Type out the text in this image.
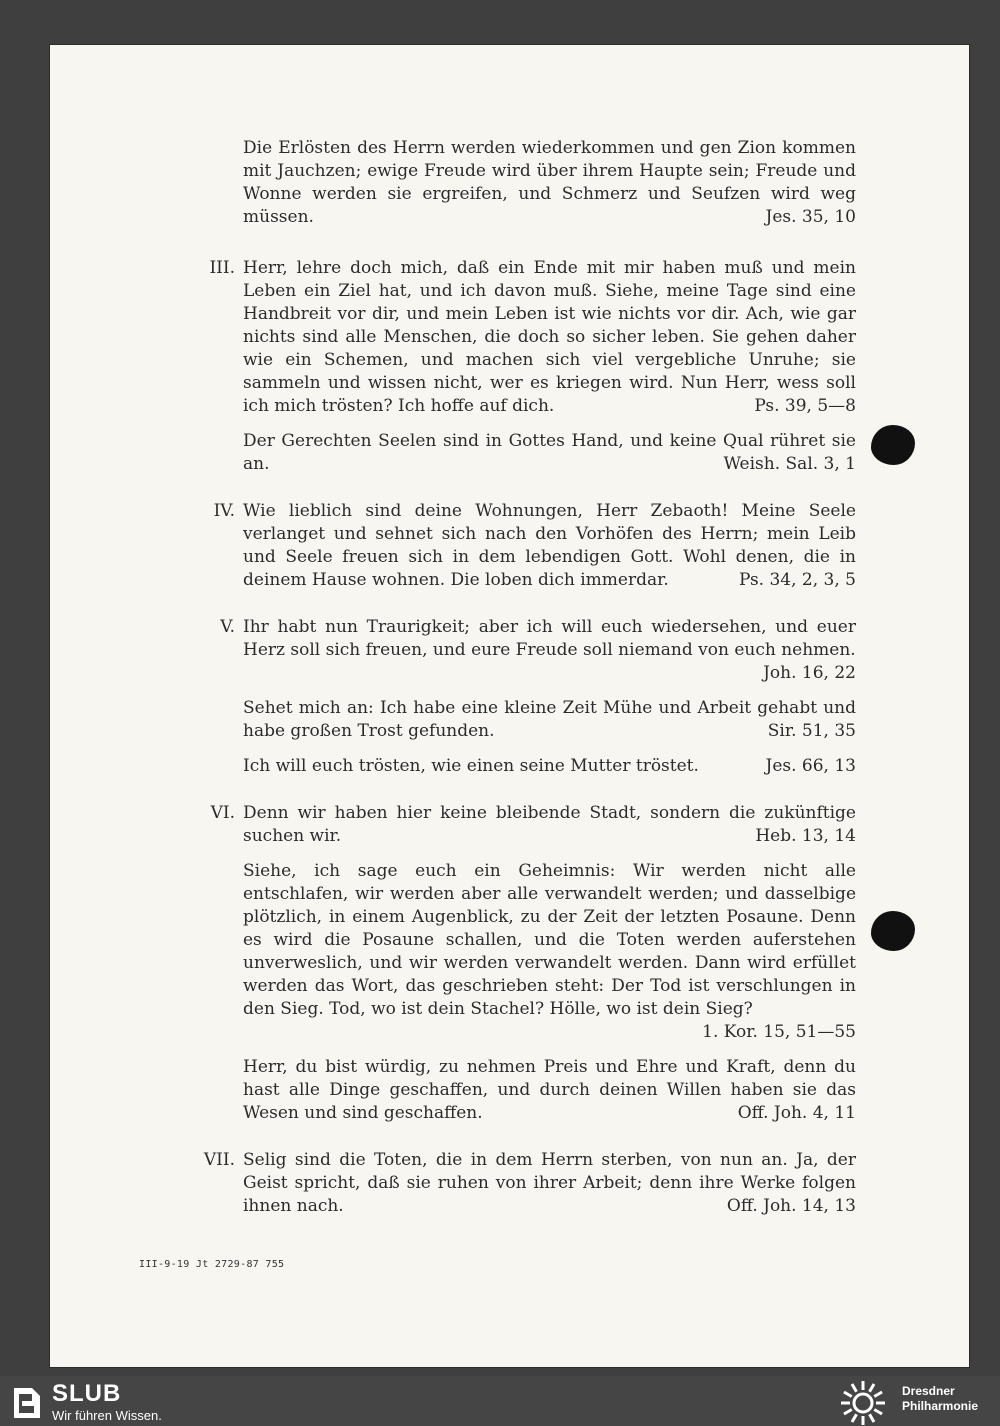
Die Erlösten des Herrn werden wiederkommen und gen Zion kommen mit Jauchzen; ewige Freude wird über ihrem Haupte sein; Freude und Wonne werden sie ergreifen, und Schmerz und Seufzen wird weg müssen.	Jes. 35, 10
III. Herr, lehre doch mich, daß ein Ende mit mir haben muß und mein Leben ein Ziel hat, und ich davon muß. Siehe, meine Tage sind eine Handbreit vor dir, und mein Leben ist wie nichts vor dir. Ach, wie gar nichts sind alle Menschen, die doch so sicher leben. Sie gehen daher wie ein Schemen, und machen sich viel vergebliche Unruhe; sie sammeln und wissen nicht, wer es kriegen wird. Nun Herr, wess soll ich mich trösten? Ich hoffe auf dich.	Ps. 39, 5—8
Der Gerechten Seelen sind in Gottes Hand, und keine Qual rühret sie an.	Weish. Sal. 3, 1
IV. Wie lieblich sind deine Wohnungen, Herr Zebaoth! Meine Seele verlanget und sehnet sich nach den Vorhöfen des Herrn; mein Leib und Seele freuen sich in dem lebendigen Gott. Wohl denen, die in deinem Hause wohnen. Die loben dich immerdar.	Ps. 34, 2, 3, 5
V. Ihr habt nun Traurigkeit; aber ich will euch wiedersehen, und euer Herz soll sich freuen, und eure Freude soll niemand von euch nehmen.
Joh. 16, 22
Sehet mich an: Ich habe eine kleine Zeit Mühe und Arbeit gehabt und habe großen Trost gefunden.	Sir. 51, 35
Ich will euch trösten, wie einen seine Mutter tröstet.	Jes. 66, 13
VI. Denn wir haben hier keine bleibende Stadt, sondern die zukünftige suchen wir.	Heb. 13, 14
Siehe, ich sage euch ein Geheimnis: Wir werden nicht alle entschlafen, wir werden aber alle verwandelt werden; und dasselbige plötzlich, in einem Augenblick, zu der Zeit der letzten Posaune. Denn es wird die Posaune schallen, und die Toten werden auferstehen unverweslich, und wir werden verwandelt werden. Dann wird erfüllet werden das Wort, das geschrieben steht: Der Tod ist verschlungen in den Sieg. Tod, wo ist dein Stachel? Hölle, wo ist dein Sieg?
1. Kor. 15, 51—55
Herr, du bist würdig, zu nehmen Preis und Ehre und Kraft, denn du hast alle Dinge geschaffen, und durch deinen Willen haben sie das Wesen und sind geschaffen.	Off. Joh. 4, 11
VII. Selig sind die Toten, die in dem Herrn sterben, von nun an. Ja, der Geist spricht, daß sie ruhen von ihrer Arbeit; denn ihre Werke folgen ihnen nach.	Off. Joh. 14, 13
III-9-19 Jt 2729-87 755
SLUB
Wir führen Wissen.
Dresdner
Philharmonie
